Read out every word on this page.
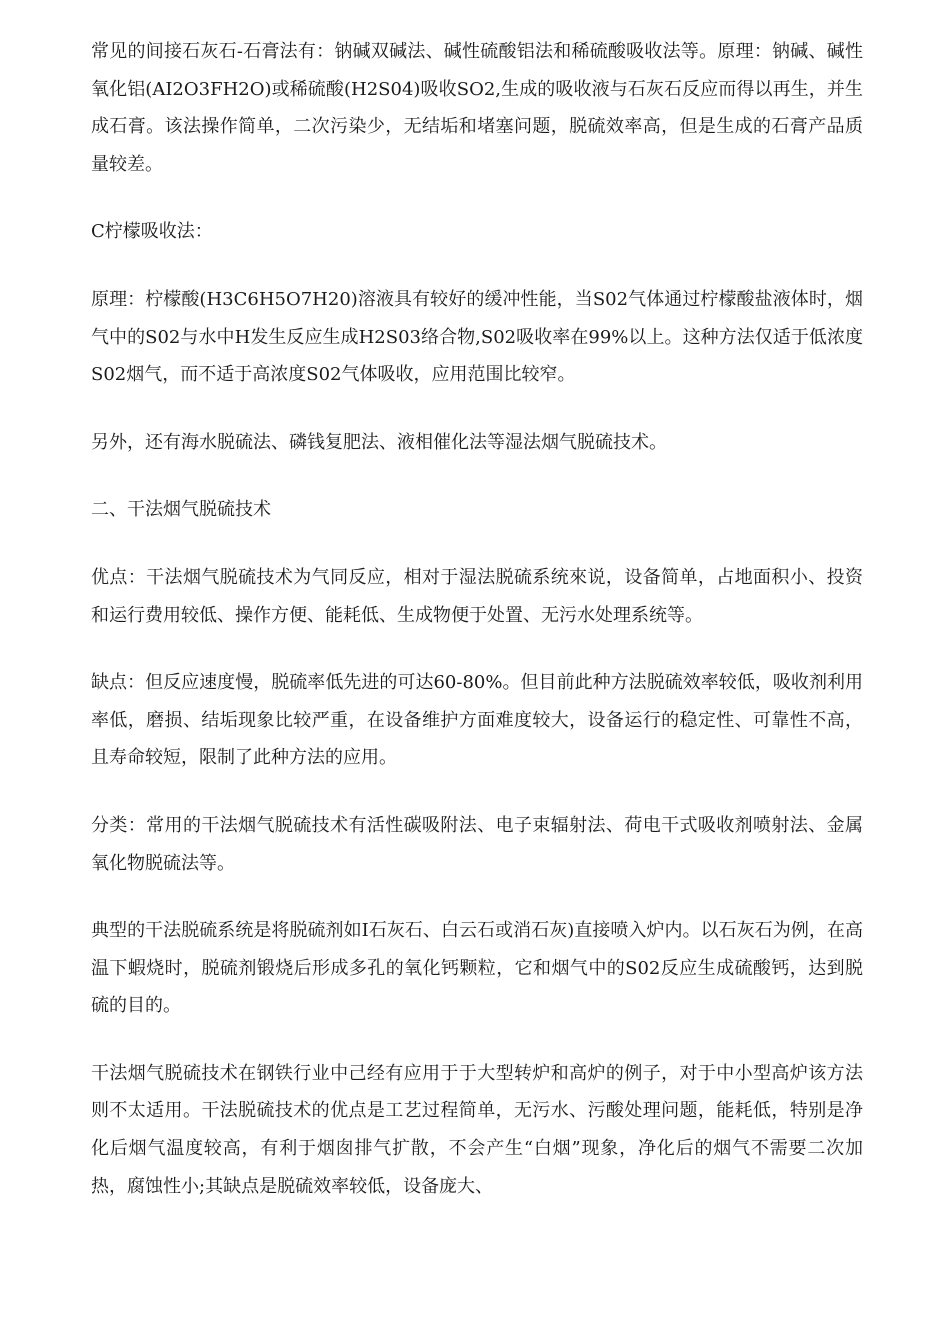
常见的间接石灰石-石膏法有：钠碱双碱法、碱性硫酸铝法和稀硫酸吸收法等。原理：钠碱、碱性氧化铝(AI2O3FH2O)或稀硫酸(H2S04)吸收SO2,生成的吸收液与石灰石反应而得以再生，并生成石膏。该法操作简单，二次污染少，无结垢和堵塞问题，脱硫效率高，但是生成的石膏产品质量较差。

C柠檬吸收法：

原理：柠檬酸(H3C6H5O7H20)溶液具有较好的缓冲性能，当S02气体通过柠檬酸盐液体时，烟气中的S02与水中H发生反应生成H2S03络合物,S02吸收率在99%以上。这种方法仅适于低浓度S02烟气，而不适于高浓度S02气体吸收，应用范围比较窄。

另外，还有海水脱硫法、磷钱复肥法、液相催化法等湿法烟气脱硫技术。

二、干法烟气脱硫技术

优点：干法烟气脱硫技术为气同反应，相对于湿法脱硫系统來说，设备简单，占地面积小、投资和运行费用较低、操作方便、能耗低、生成物便于处置、无污水处理系统等。

缺点：但反应速度慢，脱硫率低先进的可达60-80%。但目前此种方法脱硫效率较低，吸收剂利用率低，磨损、结垢现象比较严重，在设备维护方面难度较大，设备运行的稳定性、可靠性不高，且寿命较短，限制了此种方法的应用。

分类：常用的干法烟气脱硫技术有活性碳吸附法、电子束辐射法、荷电干式吸收剂喷射法、金属氧化物脱硫法等。

典型的干法脱硫系统是将脱硫剂如I石灰石、白云石或消石灰)直接喷入炉内。以石灰石为例，在高温下蝦烧时，脱硫剂锻烧后形成多孔的氧化钙颗粒，它和烟气中的S02反应生成硫酸钙，达到脱硫的目的。

干法烟气脱硫技术在钢铁行业中己经有应用于于大型转炉和高炉的例子，对于中小型高炉该方法则不太适用。干法脱硫技术的优点是工艺过程简单，无污水、污酸处理问题，能耗低，特别是净化后烟气温度较高，有利于烟囱排气扩散，不会产生“白烟”现象，净化后的烟气不需要二次加热，腐蚀性小;其缺点是脱硫效率较低，设备庞大、
